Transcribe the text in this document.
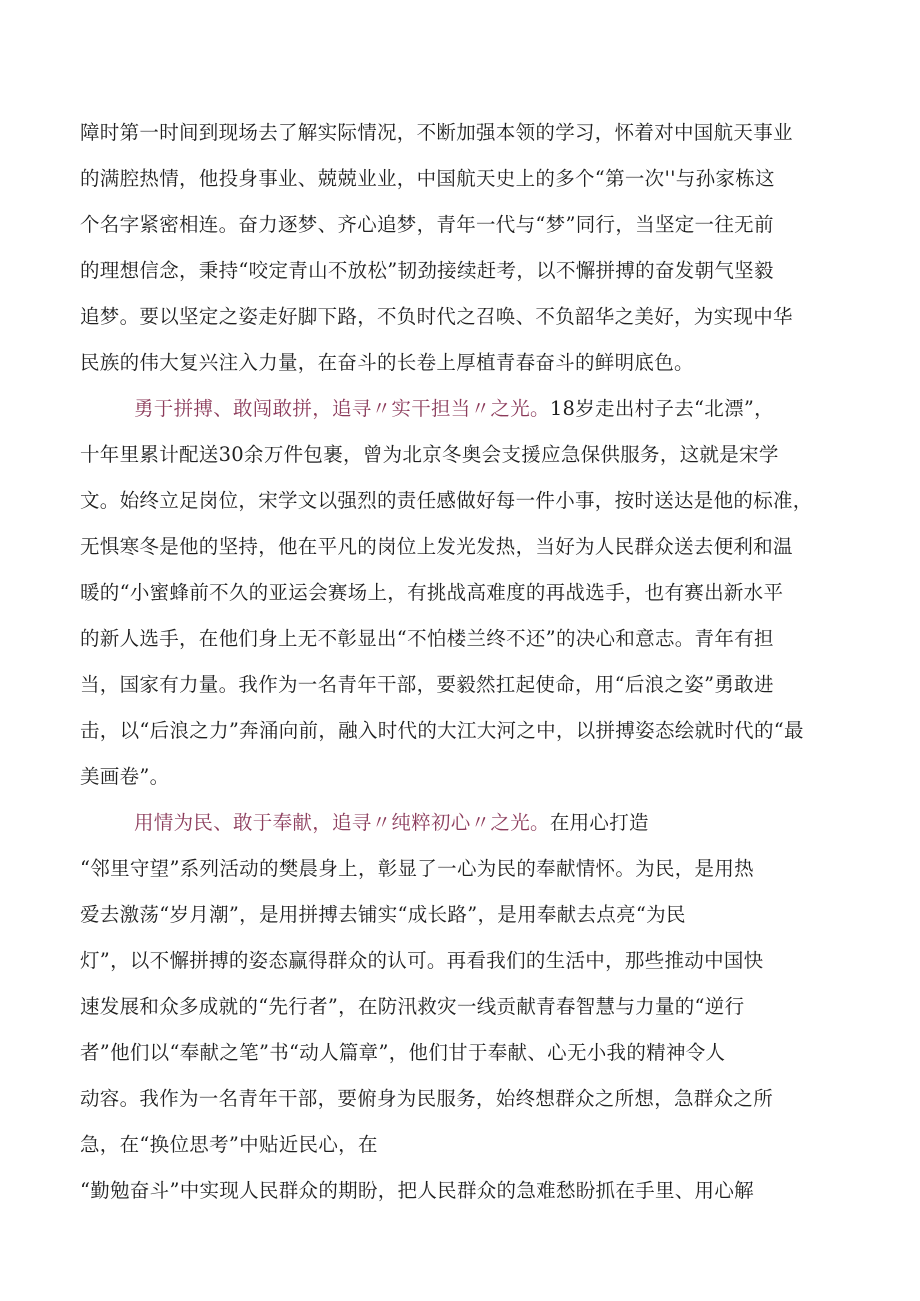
障时第一时间到现场去了解实际情况，不断加强本领的学习，怀着对中国航天事业
的满腔热情，他投身事业、兢兢业业，中国航天史上的多个“第一次''与孙家栋这
个名字紧密相连。奋力逐梦、齐心追梦，青年一代与“梦”同行，当坚定一往无前
的理想信念，秉持“咬定青山不放松”韧劲接续赶考，以不懈拼搏的奋发朝气坚毅
追梦。要以坚定之姿走好脚下路，不负时代之召唤、不负韶华之美好，为实现中华
民族的伟大复兴注入力量，在奋斗的长卷上厚植青春奋斗的鲜明底色。
勇于拼搏、敢闯敢拼，追寻〃实干担当〃之光。18岁走出村子去“北漂”，
十年里累计配送30余万件包裹，曾为北京冬奥会支援应急保供服务，这就是宋学
文。始终立足岗位，宋学文以强烈的责任感做好每一件小事，按时送达是他的标准，
无惧寒冬是他的坚持，他在平凡的岗位上发光发热，当好为人民群众送去便利和温
暖的“小蜜蜂前不久的亚运会赛场上，有挑战高难度的再战选手，也有赛出新水平
的新人选手，在他们身上无不彰显出“不怕楼兰终不还”的决心和意志。青年有担
当，国家有力量。我作为一名青年干部，要毅然扛起使命，用“后浪之姿”勇敢进
击，以“后浪之力”奔涌向前，融入时代的大江大河之中，以拼搏姿态绘就时代的“最
美画卷”。
用情为民、敢于奉献，追寻〃纯粹初心〃之光。在用心打造
“邻里守望”系列活动的樊晨身上，彰显了一心为民的奉献情怀。为民，是用热
爱去激荡“岁月潮”，是用拼搏去铺实“成长路”，是用奉献去点亮“为民
灯”，以不懈拼搏的姿态赢得群众的认可。再看我们的生活中，那些推动中国快
速发展和众多成就的“先行者”，在防汛救灾一线贡献青春智慧与力量的“逆行
者”他们以“奉献之笔”书“动人篇章”，他们甘于奉献、心无小我的精神令人
动容。我作为一名青年干部，要俯身为民服务，始终想群众之所想，急群众之所
急，在“换位思考”中贴近民心，在
“勤勉奋斗”中实现人民群众的期盼，把人民群众的急难愁盼抓在手里、用心解
